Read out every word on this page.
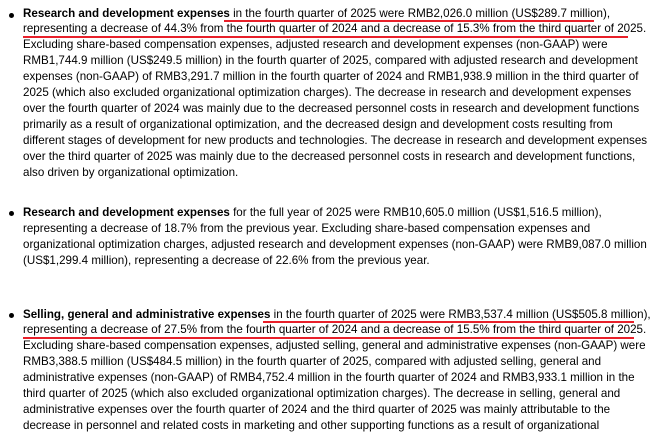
Research and development expenses in the fourth quarter of 2025 were RMB2,026.0 million (US$289.7 million),
representing a decrease of 44.3% from the fourth quarter of 2024 and a decrease of 15.3% from the third quarter of 2025.
Excluding share-based compensation expenses, adjusted research and development expenses (non-GAAP) were
RMB1,744.9 million (US$249.5 million) in the fourth quarter of 2025, compared with adjusted research and development
expenses (non-GAAP) of RMB3,291.7 million in the fourth quarter of 2024 and RMB1,938.9 million in the third quarter of
2025 (which also excluded organizational optimization charges). The decrease in research and development expenses
over the fourth quarter of 2024 was mainly due to the decreased personnel costs in research and development functions
primarily as a result of organizational optimization, and the decreased design and development costs resulting from
different stages of development for new products and technologies. The decrease in research and development expenses
over the third quarter of 2025 was mainly due to the decreased personnel costs in research and development functions,
also driven by organizational optimization.
Research and development expenses for the full year of 2025 were RMB10,605.0 million (US$1,516.5 million),
representing a decrease of 18.7% from the previous year. Excluding share-based compensation expenses and
organizational optimization charges, adjusted research and development expenses (non-GAAP) were RMB9,087.0 million
(US$1,299.4 million), representing a decrease of 22.6% from the previous year.
Selling, general and administrative expenses in the fourth quarter of 2025 were RMB3,537.4 million (US$505.8 million),
representing a decrease of 27.5% from the fourth quarter of 2024 and a decrease of 15.5% from the third quarter of 2025.
Excluding share-based compensation expenses, adjusted selling, general and administrative expenses (non-GAAP) were
RMB3,388.5 million (US$484.5 million) in the fourth quarter of 2025, compared with adjusted selling, general and
administrative expenses (non-GAAP) of RMB4,752.4 million in the fourth quarter of 2024 and RMB3,933.1 million in the
third quarter of 2025 (which also excluded organizational optimization charges). The decrease in selling, general and
administrative expenses over the fourth quarter of 2024 and the third quarter of 2025 was mainly attributable to the
decrease in personnel and related costs in marketing and other supporting functions as a result of organizational
